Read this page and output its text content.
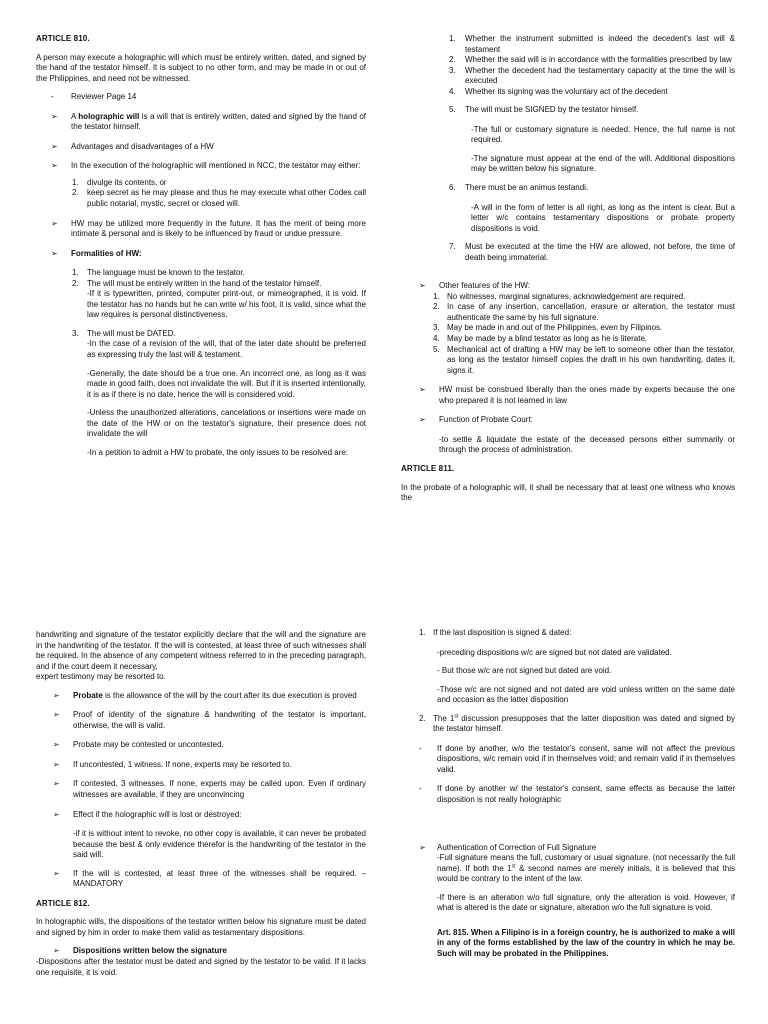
ARTICLE 810.

A person may execute a holographic will which must be entirely written, dated, and signed by the hand of the testator himself. It is subject to no other form, and may be made in or out of the Philippines, and need not be witnessed.

-	Reviewer Page 14
➢	A holographic will is a will that is entirely written, dated and signed by the hand of the testator himself.
➢	Advantages and disadvantages of a HW
➢	In the execution of the holographic will mentioned in NCC, the testator may either:
1.	divulge its contents, or
2.	keep secret as he may please and thus he may execute what other Codes call public notarial, mystic, secret or closed will.
➢	HW may be utilized more frequently in the future. It has the merit of being more intimate & personal and is likely to be influenced by fraud or undue pressure.
➢	Formalities of HW:
1.	The language must be known to the testator.
2.	The will must be entirely written in the hand of the testator himself.

-If it is typewritten, printed, computer print-out, or mimeographed, it is void. If the testator has no hands but he can write w/ his foot, it is valid, since what the law requires is personal distinctiveness.

3.	The will must be DATED.

-In the case of a revision of the will, that of the later date should be preferred as expressing truly the last will & testament.

-Generally, the date should be a true one. An incorrect one, as long as it was made in good faith, does not invalidate the will. But if it is inserted intentionally, it is as if there is no date, hence the will is considered void.

-Unless the unauthorized alterations, cancelations or insertions were made on the date of the HW or on the testator's signature, their presence does not invalidate the will

-In a petition to admit a HW to probate, the only issues to be resolved are:

1.	Whether the instrument submitted is indeed the decedent's last will & testament
2.	Whether the said will is in accordance with the formalities prescribed by law
3.	Whether the decedent had the testamentary capacity at the time the will is executed
4.	Whether its signing was the voluntary act of the decedent
5.	The will must be SIGNED by the testator himself.

-The full or customary signature is needed. Hence, the full name is not required.

-The signature must appear at the end of the will. Additional dispositions may be written below his signature.

6.	There must be an animus testandi.

-A will in the form of letter is all right, as long as the intent is clear. But a letter w/c contains testamentary dispositions or probate property dispositions is void.

7.	Must be executed at the time the HW are allowed, not before, the time of death being immaterial.
➢	Other features of the HW:
1. No witnesses, marginal signatures, acknowledgement are required.
2. In case of any insertion, cancellation, erasure or alteration, the testator must authenticate the same by his full signature.
3. May be made in and out of the Philippines, even by Filipinos.
4. May be made by a blind testator as long as he is literate.
5. Mechanical act of drafting a HW may be left to someone other than the testator, as long as the testator himself copies the draft in his own handwriting, dates it, signs it.
➢	HW must be construed liberally than the ones made by experts because the one who prepared it is not learned in law
➢	Function of Probate Court:

-to settle & liquidate the estate of the deceased persons either summarily or through the process of administration.

ARTICLE 811.

In the probate of a holographic will, it shall be necessary that at least one witness who knows the

handwriting and signature of the testator explicitly declare that the will and the signature are in the handwriting of the testator. If the will is contested, at least three of such witnesses shall be required. In the absence of any competent witness referred to in the preceding paragraph, and if the court deem it necessary,

expert testimony may be resorted to.

➢	Probate is the allowance of the will by the court after its due execution is proved
➢	Proof of identity of the signature & handwriting of the testator is important, otherwise, the will is valid.
➢	Probate may be contested or uncontested.
➢	If uncontested, 1 witness. If none, experts may be resorted to.
➢	If contested, 3 witnesses. If none, experts may be called upon. Even if ordinary witnesses are available, if they are unconvincing
➢	Effect if the holographic will is lost or destroyed:

-if it is without intent to revoke, no other copy is available, it can never be probated because the best & only evidence therefor is the handwriting of the testator in the said will.

➢	If the will is contested, at least three of the witnesses shall be required. – MANDATORY

ARTICLE 812.

In holographic wills, the dispositions of the testator written below his signature must be dated and signed by him in order to make them valid as testamentary dispositions.

➢	Dispositions written below the signature

-Dispositions after the testator must be dated and signed by the testator to be valid. If it lacks one requisite, it is void.

1. If the last disposition is signed & dated:

-preceding dispositions w/c are signed but not dated are validated.

- But those w/c are not signed but dated are void.

-Those w/c are not signed and not dated are void unless written on the same date and occasion as the latter disposition

2. The 1st discussion presupposes that the latter disposition was dated and signed by the testator himself.
-	If done by another, w/o the testator's consent, same will not affect the previous dispositions, w/c remain void if in themselves void; and remain valid if in themselves valid.
-	If done by another w/ the testator's consent, same effects as because the latter disposition is not really holographic
➢	Authentication of Correction of Full Signature

-Full signature means the full, customary or usual signature. (not necessarily the full name). If both the 1st & second names are merely initials, it is believed that this would be contrary to the intent of the law.

-If there is an alteration w/o full signature, only the alteration is void. However, if what is altered is the date or signature, alteration w/o the full signature is void.

Art. 815. When a Filipino is in a foreign country, he is authorized to make a will in any of the forms established by the law of the country in which he may be. Such will may be probated in the Philippines.
